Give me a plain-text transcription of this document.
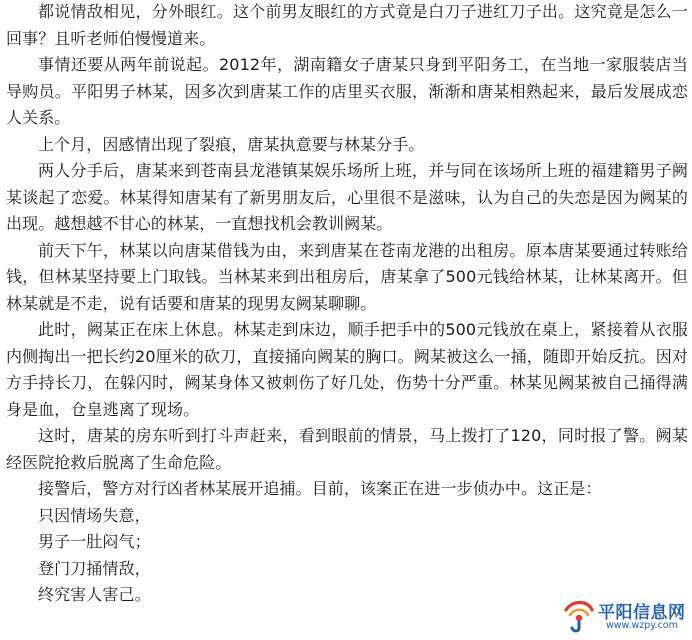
都说情敌相见，分外眼红。这个前男友眼红的方式竟是白刀子进红刀子出。这究竟是怎么一回事？且听老师伯慢慢道来。

事情还要从两年前说起。2012年，湖南籍女子唐某只身到平阳务工，在当地一家服装店当导购员。平阳男子林某，因多次到唐某工作的店里买衣服，渐渐和唐某相熟起来，最后发展成恋人关系。

上个月，因感情出现了裂痕，唐某执意要与林某分手。

两人分手后，唐某来到苍南县龙港镇某娱乐场所上班，并与同在该场所上班的福建籍男子阙某谈起了恋爱。林某得知唐某有了新男朋友后，心里很不是滋味，认为自己的失恋是因为阙某的出现。越想越不甘心的林某，一直想找机会教训阙某。

前天下午，林某以向唐某借钱为由，来到唐某在苍南龙港的出租房。原本唐某要通过转账给钱，但林某坚持要上门取钱。当林某来到出租房后，唐某拿了500元钱给林某，让林某离开。但林某就是不走，说有话要和唐某的现男友阙某聊聊。

此时，阙某正在床上休息。林某走到床边，顺手把手中的500元钱放在桌上，紧接着从衣服内侧掏出一把长约20厘米的砍刀，直接捅向阙某的胸口。阙某被这么一捅，随即开始反抗。因对方手持长刀，在躲闪时，阙某身体又被刺伤了好几处，伤势十分严重。林某见阙某被自己捅得满身是血，仓皇逃离了现场。

这时，唐某的房东听到打斗声赶来，看到眼前的情景，马上拨打了120，同时报了警。阙某经医院抢救后脱离了生命危险。

接警后，警方对行凶者林某展开追捕。目前，该案正在进一步侦办中。这正是：

只因情场失意，

男子一肚闷气；

登门刀捅情敌，

终究害人害己。

平阳信息网
www.wzpy.com
